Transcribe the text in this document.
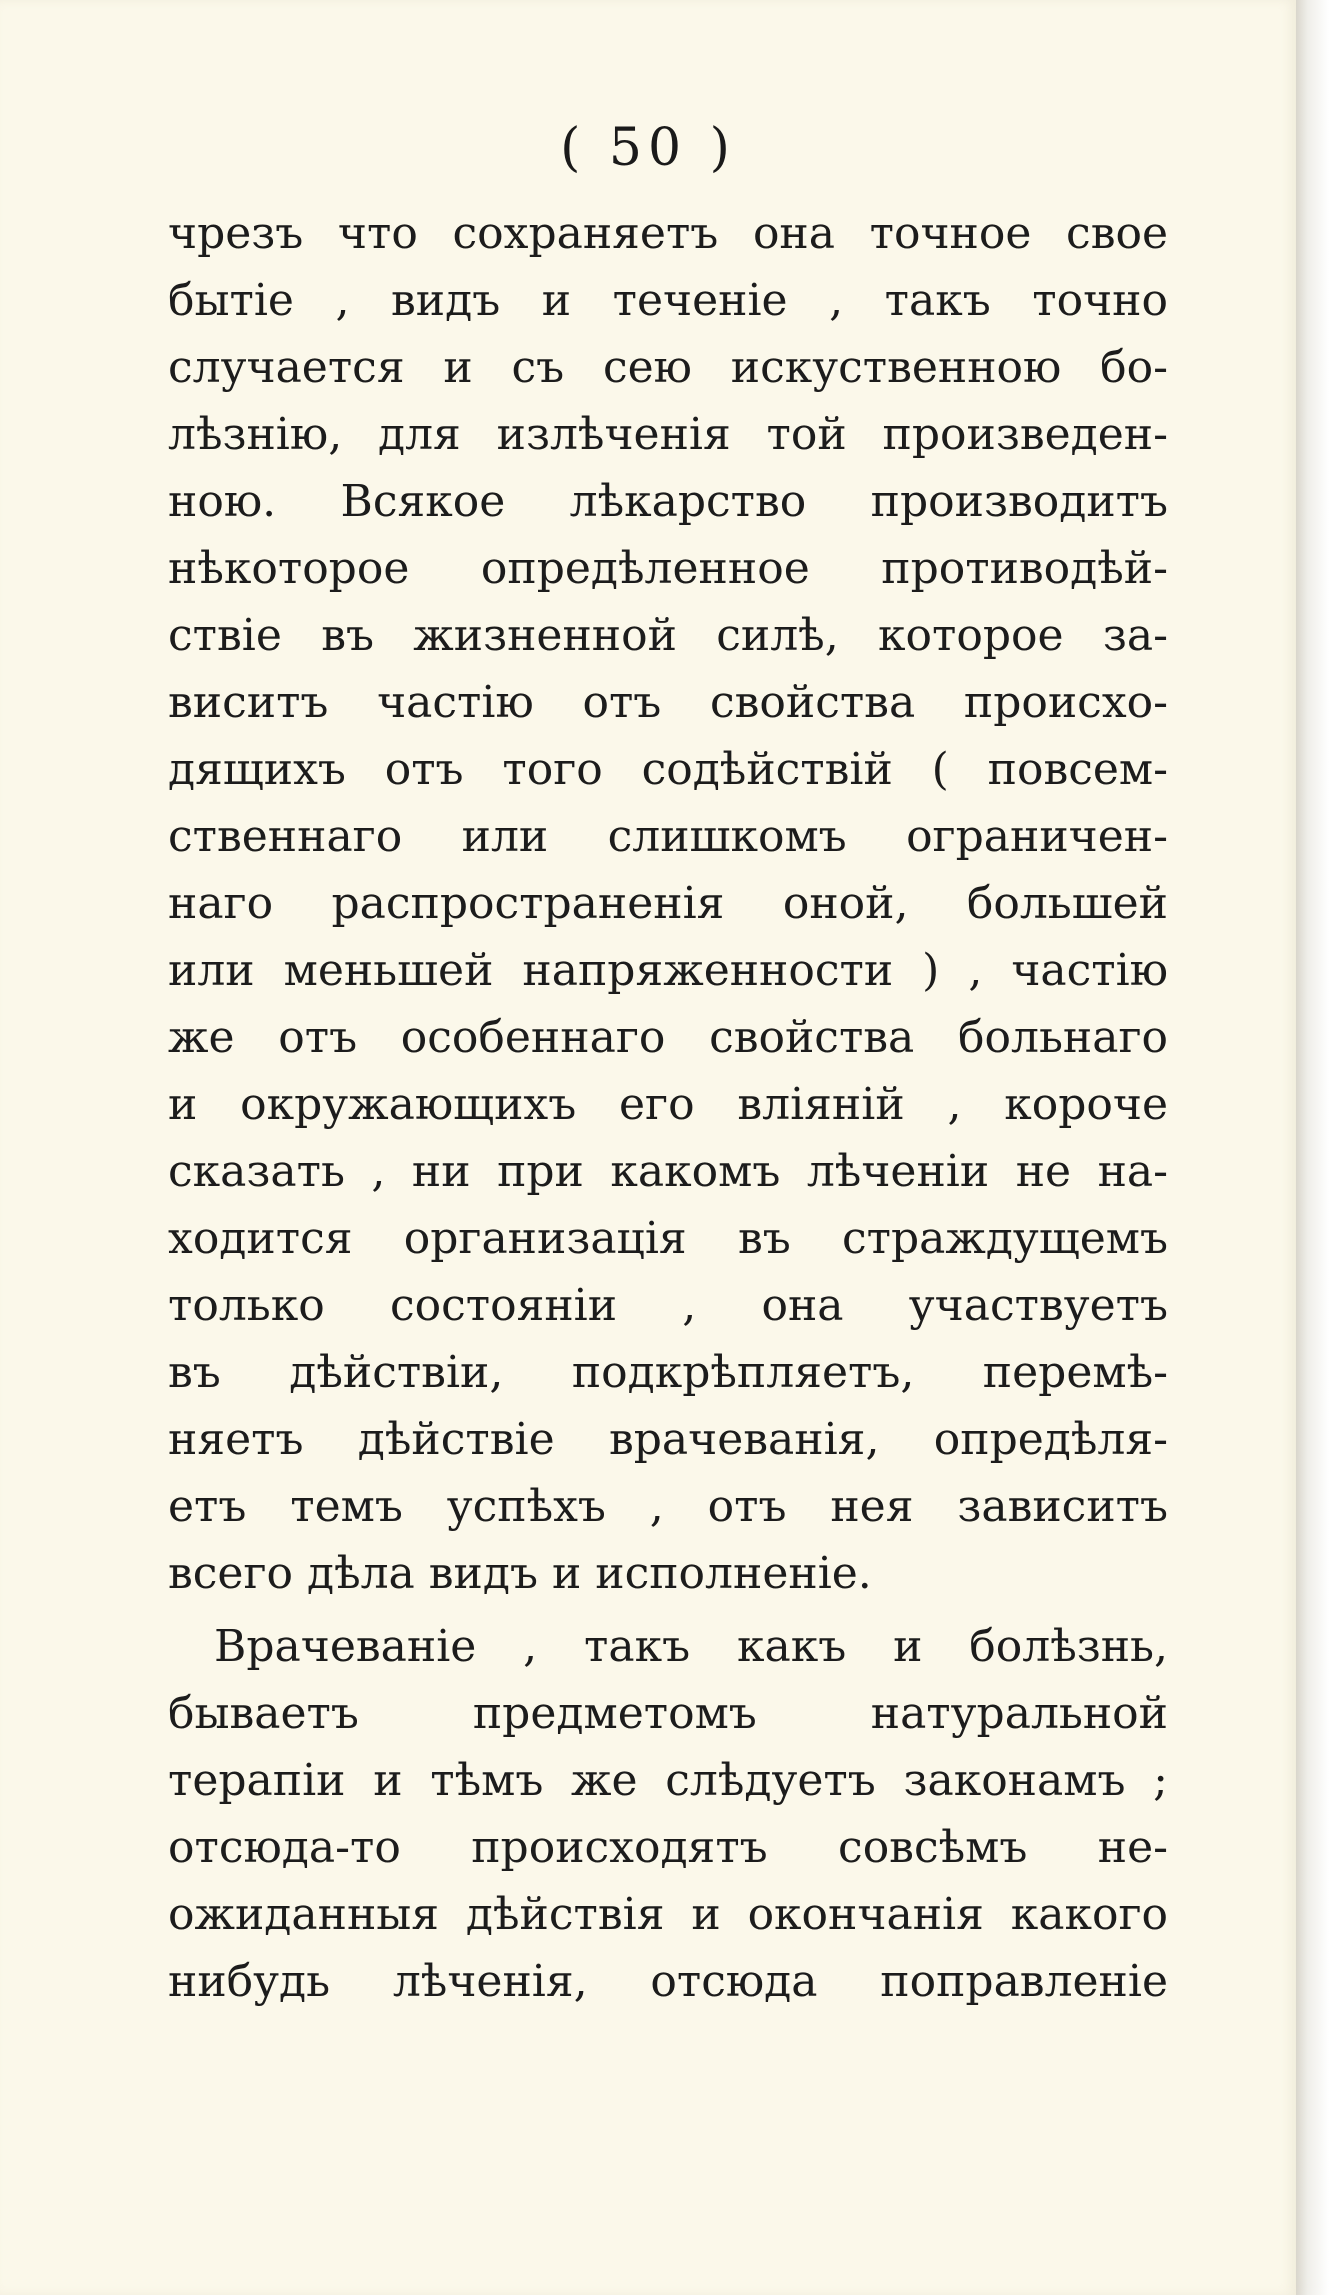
( 50 )
чрезъ что сохраняетъ она точное свое
бытiе , видъ и теченiе , такъ точно
случается и съ сею искуственною бо-
лѣзнiю, для излѣченiя той произведен-
ною. Всякое лѣкарство производитъ
нѣкоторое опредѣленное противодѣй-
ствiе въ жизненной силѣ, которое за-
виситъ частiю отъ свойства происхо-
дящихъ отъ того содѣйствiй ( повсем-
ственнаго или слишкомъ ограничен-
наго распространенiя оной, большей
или меньшей напряженности ) , частiю
же отъ особеннаго свойства больнаго
и окружающихъ его влiянiй , короче
сказать , ни при какомъ лѣченiи не на-
ходится организацiя въ страждущемъ
только состоянiи , она участвуетъ
въ дѣйствiи, подкрѣпляетъ, перемѣ-
няетъ дѣйствiе врачеванiя, опредѣля-
етъ темъ успѣхъ , отъ нея зависитъ
всего дѣла видъ и исполненiе.
Врачеванiе , такъ какъ и болѣзнь,
бываетъ предметомъ натуральной
терапiи и тѣмъ же слѣдуетъ законамъ ;
отсюда-то происходятъ совсѣмъ не-
ожиданныя дѣйствiя и окончанiя какого
нибудь лѣченiя, отсюда поправленiе
